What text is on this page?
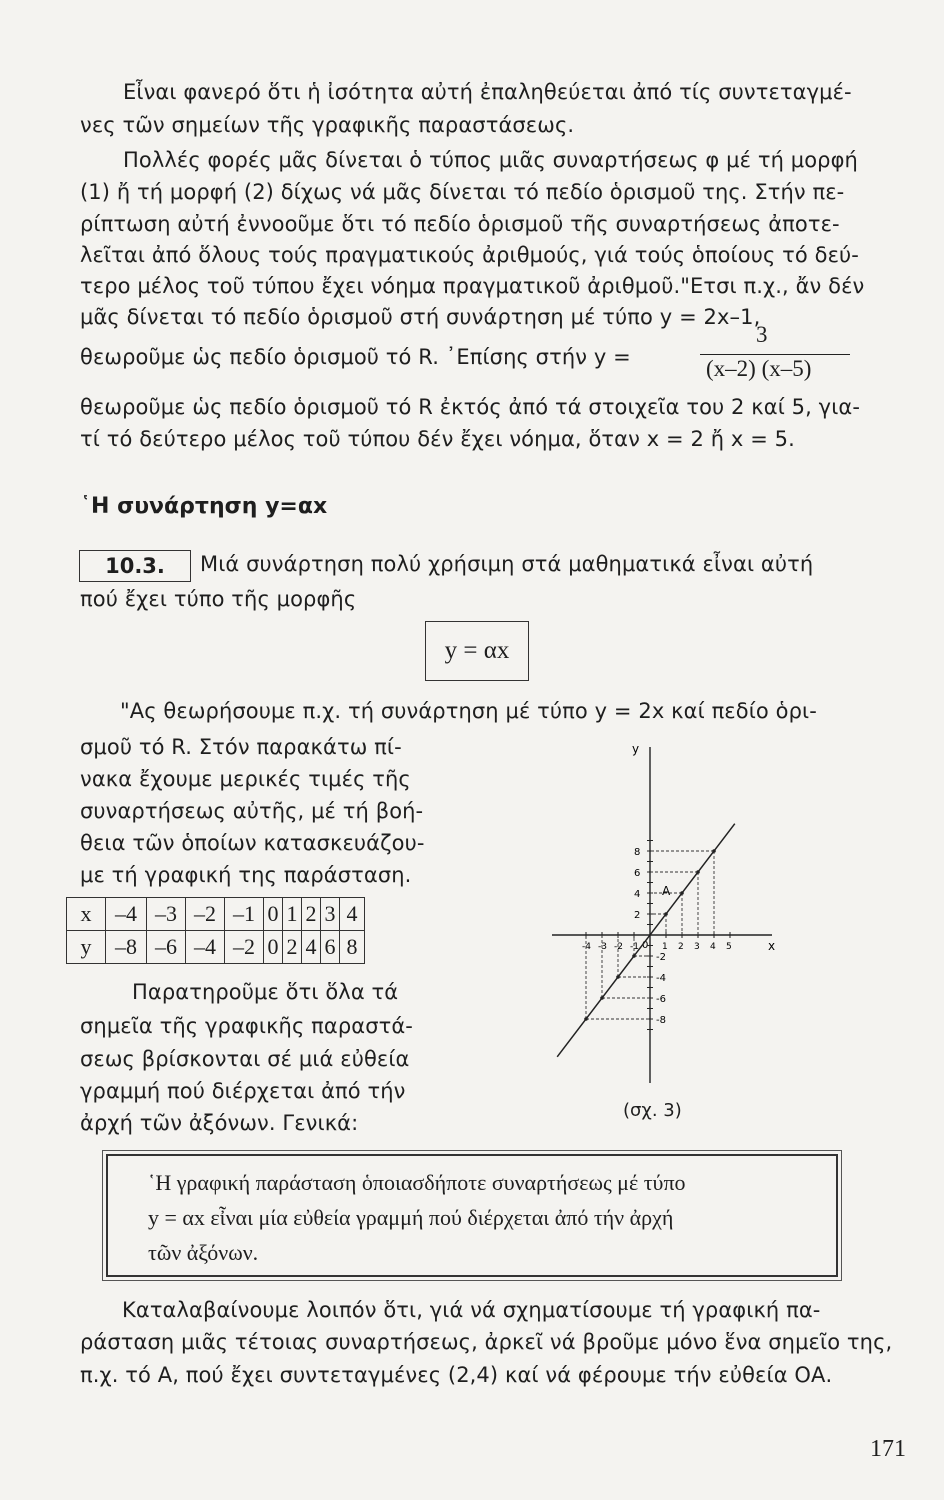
Εἶναι φανερό ὅτι ἡ ἰσότητα αὐτή ἐπαληθεύεται ἀπό τίς συντεταγμέ-
νες τῶν σημείων τῆς γραφικῆς παραστάσεως.
Πολλές φορές μᾶς δίνεται ὁ τύπος μιᾶς συναρτήσεως φ μέ τή μορφή
(1) ἤ τή μορφή (2) δίχως νά μᾶς δίνεται τό πεδίο ὁρισμοῦ της. Στήν πε-
ρίπτωση αὐτή ἐννοοῦμε ὅτι τό πεδίο ὁρισμοῦ τῆς συναρτήσεως ἀποτε-
λεῖται ἀπό ὅλους τούς πραγματικούς ἀριθμούς, γιά τούς ὁποίους τό δεύ-
τερο μέλος τοῦ τύπου ἔχει νόημα πραγματικοῦ ἀριθμοῦ."Ετσι π.χ., ἄν δέν
μᾶς δίνεται τό πεδίο ὁρισμοῦ στή συνάρτηση μέ τύπο y = 2x–1,
θεωροῦμε ὡς πεδίο ὁρισμοῦ τό R. ᾿Επίσης στήν y =
3
(x–2) (x–5)
θεωροῦμε ὡς πεδίο ὁρισμοῦ τό R ἐκτός ἀπό τά στοιχεῖα του 2 καί 5, για-
τί τό δεύτερο μέλος τοῦ τύπου δέν ἔχει νόημα, ὅταν x = 2 ἤ x = 5.
῾Η συνάρτηση y=αx
10.3.	Μιά συνάρτηση πολύ χρήσιμη στά μαθηματικά εἶναι αὐτή
πού ἔχει τύπο τῆς μορφῆς
y = αx
"Ας θεωρήσουμε π.χ. τή συνάρτηση μέ τύπο y = 2x καί πεδίο ὁρι-
σμοῦ τό R. Στόν παρακάτω πί-
νακα ἔχουμε μερικές τιμές τῆς
συναρτήσεως αὐτῆς, μέ τή βοή-
θεια τῶν ὁποίων κατασκευάζου-
με τή γραφική της παράσταση.
x	–4	–3	–2	–1	0	1	2	3	4
y	–8	–6	–4	–2	0	2	4	6	8
Παρατηροῦμε ὅτι ὅλα τά
σημεῖα τῆς γραφικῆς παραστά-
σεως βρίσκονται σέ μιά εὐθεία
γραμμή πού διέρχεται ἀπό τήν
ἀρχή τῶν ἀξόνων. Γενικά:
x
y
0
-4 -3 -2 -1	1 2 3 4 5
2
4
6
8
-2
-4
-6
-8
A
(σχ. 3)
῾Η γραφική παράσταση ὁποιασδήποτε συναρτήσεως μέ τύπο
y = αx εἶναι μία εὐθεία γραμμή πού διέρχεται ἀπό τήν ἀρχή
τῶν ἀξόνων.
Καταλαβαίνουμε λοιπόν ὅτι, γιά νά σχηματίσουμε τή γραφική πα-
ράσταση μιᾶς τέτοιας συναρτήσεως, ἀρκεῖ νά βροῦμε μόνο ἕνα σημεῖο της,
π.χ. τό A, πού ἔχει συντεταγμένες (2,4) καί νά φέρουμε τήν εὐθεία ΟΑ.
171
